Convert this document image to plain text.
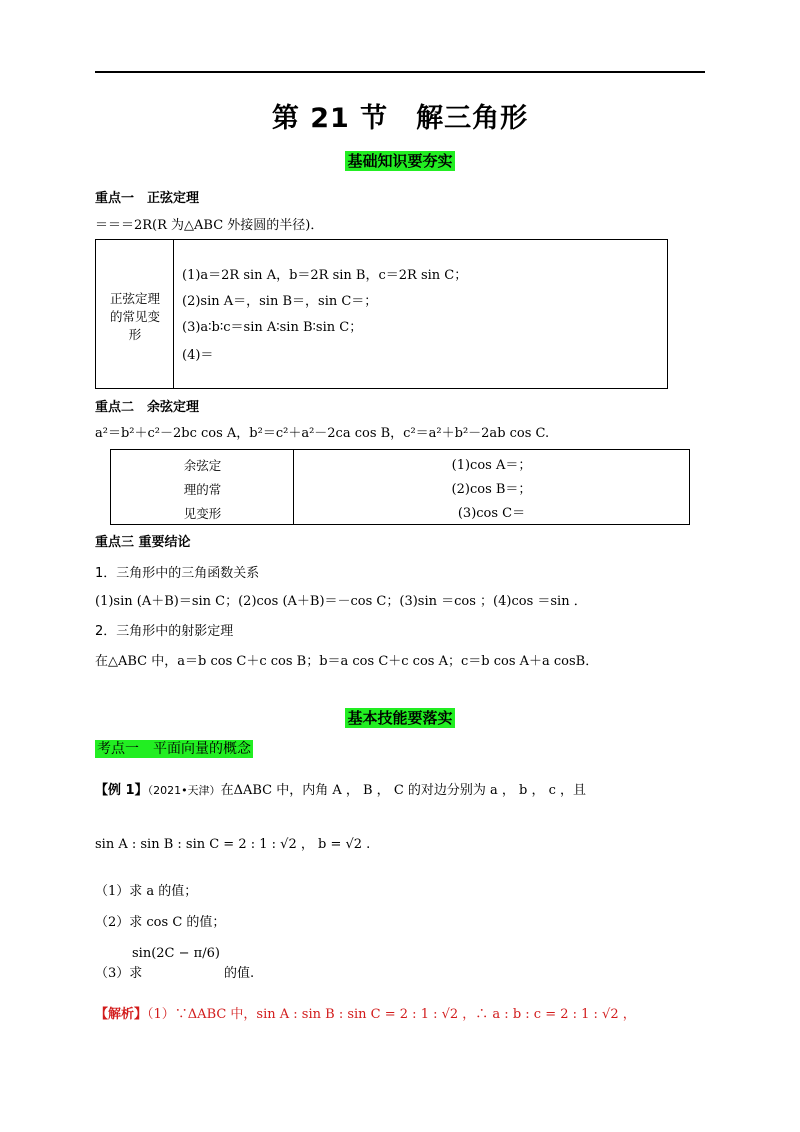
第 21 节　解三角形
基础知识要夯实
重点一　正弦定理
＝＝＝2R(R 为△ABC 外接圆的半径)．
正弦定理
的常见变
形
(1)a＝2R sin A，b＝2R sin B，c＝2R sin C；
(2)sin A＝，sin B＝，sin C＝；
(3)a∶b∶c＝sin A∶sin B∶sin C；
(4)＝
重点二　余弦定理
a²＝b²＋c²－2bc cos A，b²＝c²＋a²－2ca cos B，c²＝a²＋b²－2ab cos C.
余弦定
理的常
见变形
(1)cos A＝；
(2)cos B＝；
(3)cos C＝
重点三 重要结论
1．三角形中的三角函数关系
(1)sin (A＋B)＝sin C；(2)cos (A＋B)＝－cos C；(3)sin ＝cos ；(4)cos ＝sin ．
2．三角形中的射影定理
在△ABC 中，a＝b cos C＋c cos B；b＝a cos C＋c cos A；c＝b cos A＋a cosB．
基本技能要落实
考点一　平面向量的概念
【例 1】（2021•天津）在ΔABC 中，内角 A ， B ， C 的对边分别为 a ， b ， c ，且
sin A : sin B : sin C = 2 : 1 : √2 ， b = √2 .
（1）求 a 的值；
（2）求 cos C 的值；
（3）求
sin(2C − π/6)
的值.
【解析】（1）∵ΔABC 中，sin A : sin B : sin C = 2 : 1 : √2 ，∴ a : b : c = 2 : 1 : √2 ，
